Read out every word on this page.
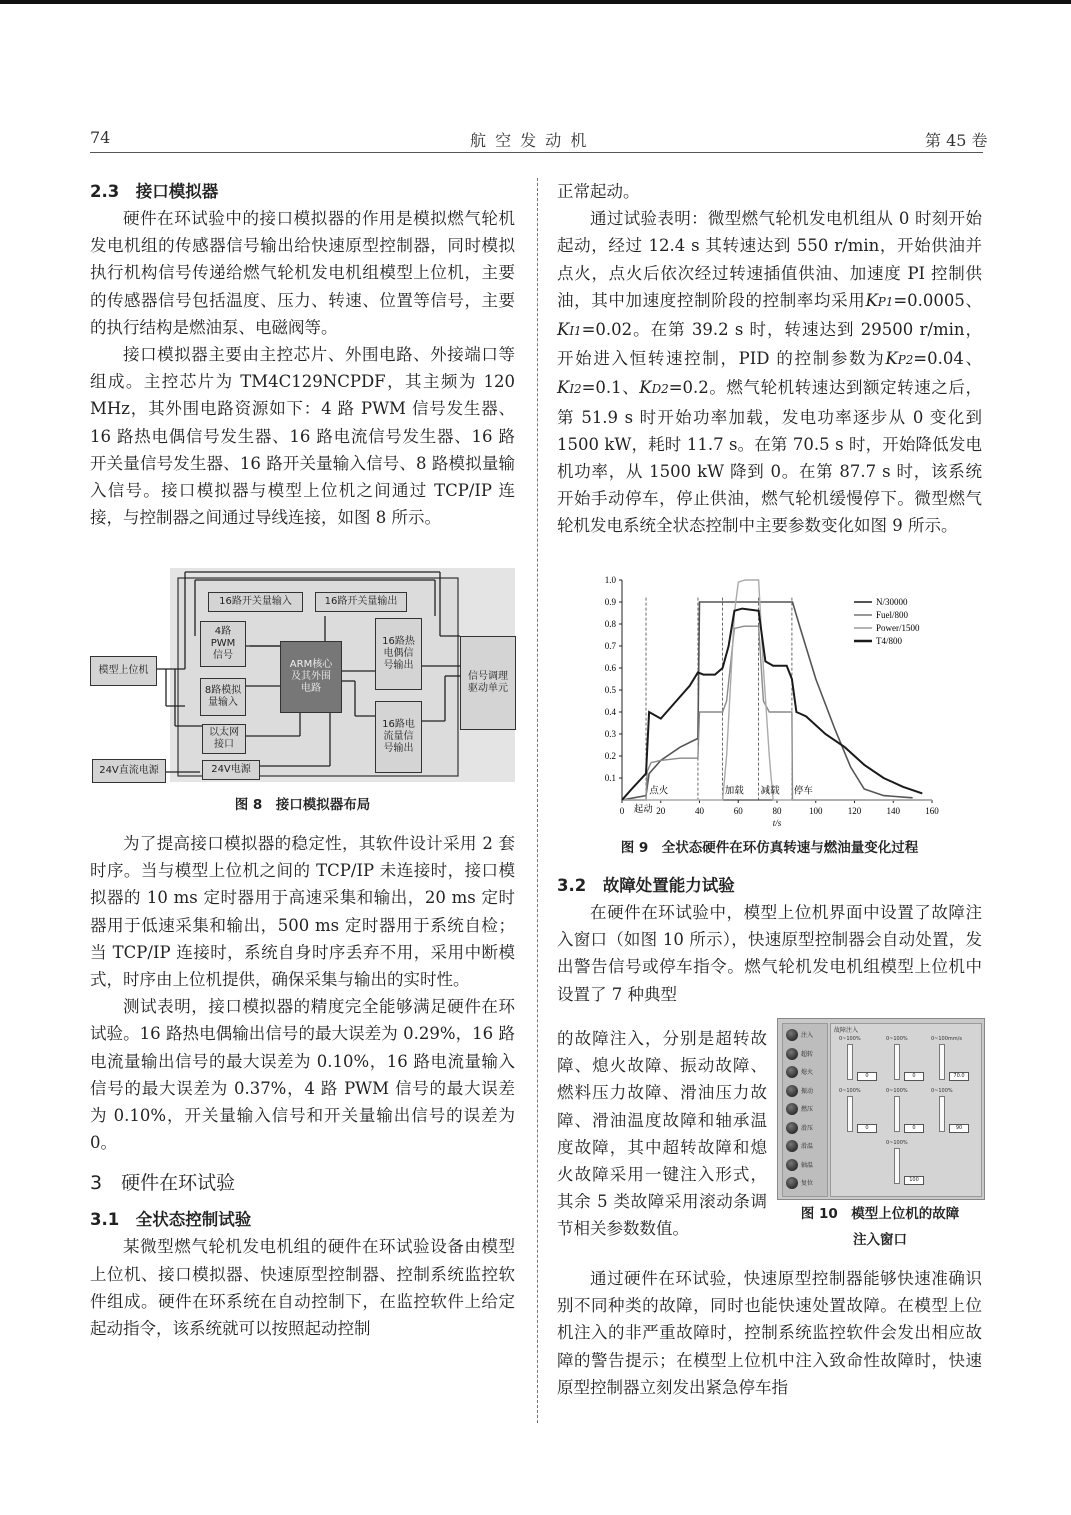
74	航 空 发 动 机	第 45 卷
2.3　接口模拟器

硬件在环试验中的接口模拟器的作用是模拟燃气轮机发电机组的传感器信号输出给快速原型控制器，同时模拟执行机构信号传递给燃气轮机发电机组模型上位机，主要的传感器信号包括温度、压力、转速、位置等信号，主要的执行结构是燃油泵、电磁阀等。

接口模拟器主要由主控芯片、外围电路、外接端口等组成。主控芯片为 TM4C129NCPDF，其主频为 120 MHz，其外围电路资源如下：4 路 PWM 信号发生器、16 路热电偶信号发生器、16 路电流信号发生器、16 路开关量信号发生器、16 路开关量输入信号、8 路模拟量输入信号。接口模拟器与模型上位机之间通过 TCP/IP 连接，与控制器之间通过导线连接，如图 8 所示。

模型上位机
24V直流电源
16路开关量输入	16路开关量输出
4路
PWM
信号
8路模拟
量输入
以太网
接口
24V电源
ARM核心
及其外围
电路
16路热
电偶信
号输出
16路电
流量信
号输出
信号调理
驱动单元
图 8　接口模拟器布局

为了提高接口模拟器的稳定性，其软件设计采用 2 套时序。当与模型上位机之间的 TCP/IP 未连接时，接口模拟器的 10 ms 定时器用于高速采集和输出，20 ms 定时器用于低速采集和输出，500 ms 定时器用于系统自检；当 TCP/IP 连接时，系统自身时序丢弃不用，采用中断模式，时序由上位机提供，确保采集与输出的实时性。

测试表明，接口模拟器的精度完全能够满足硬件在环试验。16 路热电偶输出信号的最大误差为 0.29%，16 路电流量输出信号的最大误差为 0.10%，16 路电流量输入信号的最大误差为 0.37%，4 路 PWM 信号的最大误差为 0.10%，开关量输入信号和开关量输出信号的误差为 0。

3　硬件在环试验
3.1　全状态控制试验

某微型燃气轮机发电机组的硬件在环试验设备由模型上位机、接口模拟器、快速原型控制器、控制系统监控软件组成。硬件在环系统在自动控制下，在监控软件上给定起动指令，该系统就可以按照起动控制

正常起动。

通过试验表明：微型燃气轮机发电机组从 0 时刻开始起动，经过 12.4 s 其转速达到 550 r/min，开始供油并点火，点火后依次经过转速插值供油、加速度 PI 控制供油，其中加速度控制阶段的控制率均采用KP1=0.0005、KI1=0.02。在第 39.2 s 时，转速达到 29500 r/min，开始进入恒转速控制，PID 的控制参数为KP2=0.04、KI2=0.1、KD2=0.2。燃气轮机转速达到额定转速之后，第 51.9 s 时开始功率加载，发电功率逐步从 0 变化到 1500 kW，耗时 11.7 s。在第 70.5 s 时，开始降低发电机功率，从 1500 kW 降到 0。在第 87.7 s 时，该系统开始手动停车，停止供油，燃气轮机缓慢停下。微型燃气轮机发电系统全状态控制中主要参数变化如图 9 所示。

0.1
0.2
0.3
0.4
0.5
0.6
0.7
0.8
0.9
1.0
0	20	40	60	80	100	120	140	160
t/s
起动
点火	加载 减载 停车
N/30000
Fuel/800
Power/1500
T4/800
图 9　全状态硬件在环仿真转速与燃油量变化过程
3.2　故障处置能力试验

在硬件在环试验中，模型上位机界面中设置了故障注入窗口（如图 10 所示），快速原型控制器会自动处置，发出警告信号或停车指令。燃气轮机发电机组模型上位机中设置了 7 种典型

的故障注入，分别是超转故障、熄火故障、振动故障、燃料压力故障、滑油压力故障、滑油温度故障和轴承温度故障，其中超转故障和熄火故障采用一键注入形式，其余 5 类故障采用滚动条调节相关参数数值。

注入
超转
熄火
振动
燃压
滑压
滑温
轴温
复位
故障注入
0~100%
0
0~100%
0
0~100mm/s
70.0
0~100%
0
0~100%
0
0~100%
90
0~100%
100
图 10　模型上位机的故障
注入窗口

通过硬件在环试验，快速原型控制器能够快速准确识别不同种类的故障，同时也能快速处置故障。在模型上位机注入的非严重故障时，控制系统监控软件会发出相应故障的警告提示；在模型上位机中注入致命性故障时，快速原型控制器立刻发出紧急停车指
